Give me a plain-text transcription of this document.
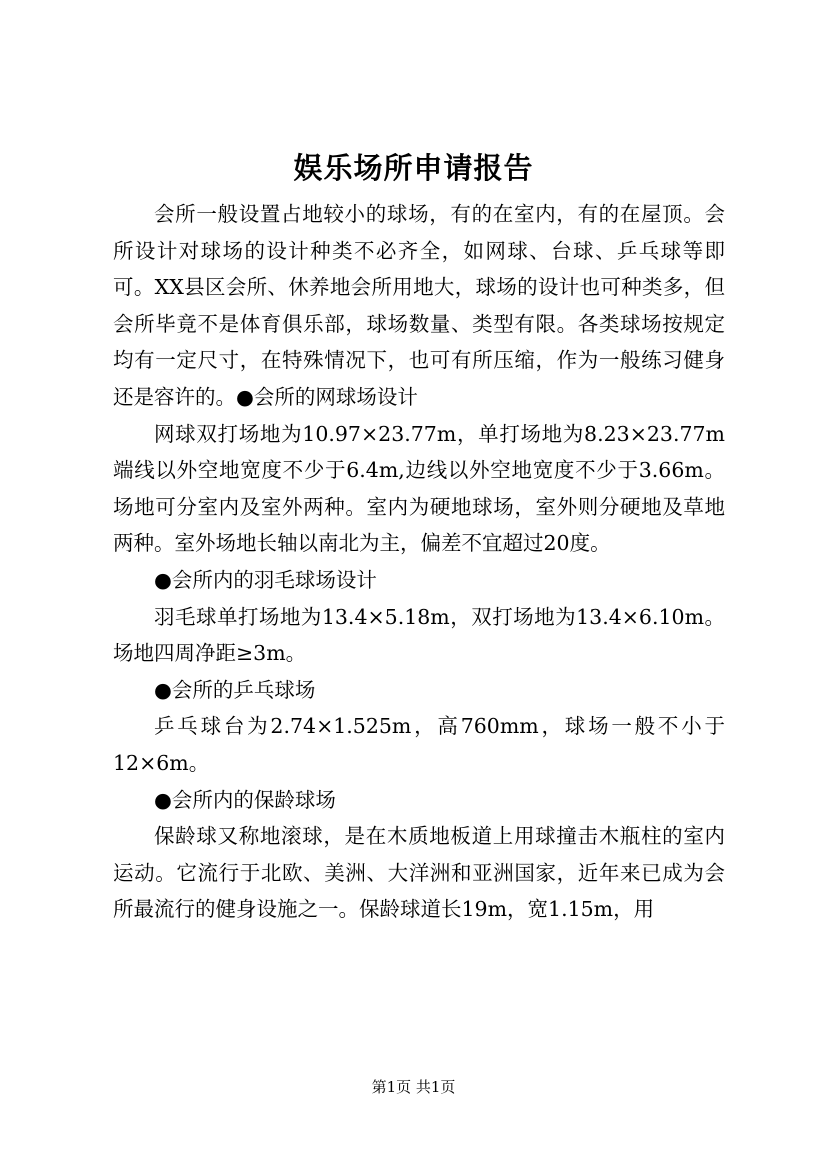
娱乐场所申请报告

会所一般设置占地较小的球场，有的在室内，有的在屋顶。会所设计对球场的设计种类不必齐全，如网球、台球、乒乓球等即可。XX县区会所、休养地会所用地大，球场的设计也可种类多，但会所毕竟不是体育俱乐部，球场数量、类型有限。各类球场按规定均有一定尺寸，在特殊情况下，也可有所压缩，作为一般练习健身还是容许的。●会所的网球场设计

网球双打场地为10.97×23.77m，单打场地为8.23×23.77m端线以外空地宽度不少于6.4m,边线以外空地宽度不少于3.66m。场地可分室内及室外两种。室内为硬地球场，室外则分硬地及草地两种。室外场地长轴以南北为主，偏差不宜超过20度。

●会所内的羽毛球场设计

羽毛球单打场地为13.4×5.18m，双打场地为13.4×6.10m。场地四周净距≥3m。

●会所的乒乓球场

乒乓球台为2.74×1.525m，高760mm，球场一般不小于12×6m。

●会所内的保龄球场

保龄球又称地滚球，是在木质地板道上用球撞击木瓶柱的室内运动。它流行于北欧、美洲、大洋洲和亚洲国家，近年来已成为会所最流行的健身设施之一。保龄球道长19m，宽1.15m，用

第1页 共1页
